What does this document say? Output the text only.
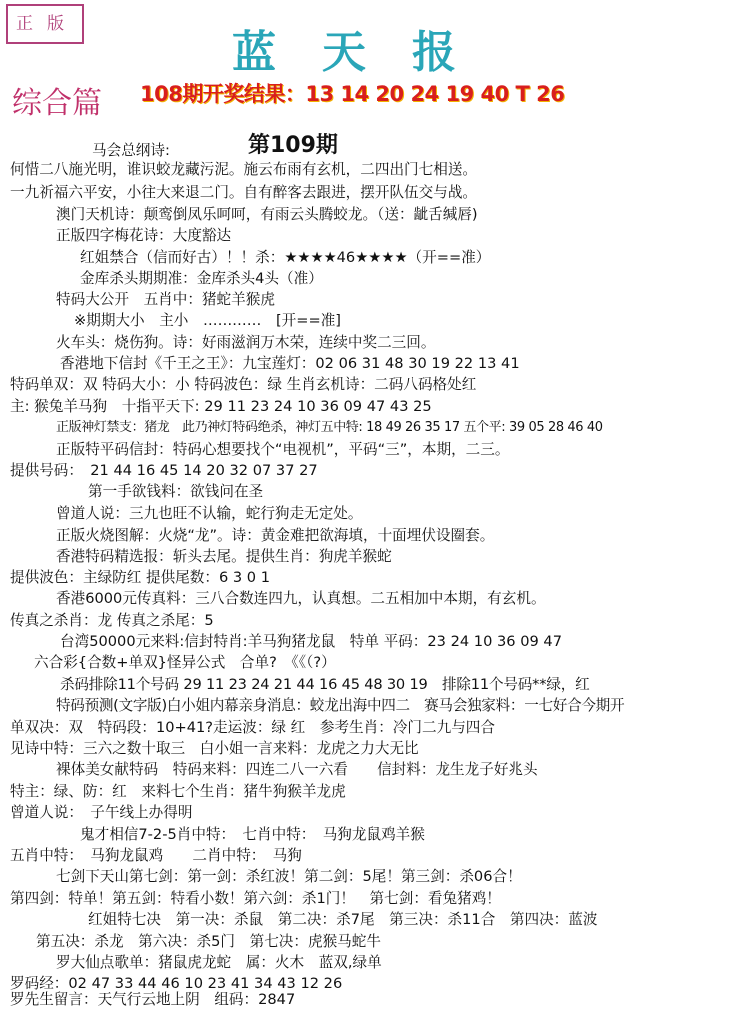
正版
蓝天报
综合篇 108期开奖结果：13 14 20 24 19 40 T 26
第109期
马会总纲诗:
何惜二八施光明，谁识蛟龙藏污泥。施云布雨有玄机，二四出门七相送。
一九祈福六平安，小往大来退二门。自有醉客去跟进，摆开队伍交与战。
澳门天机诗：颠鸾倒凤乐呵呵，有雨云头腾蛟龙。（送：龇舌缄唇)
正版四字梅花诗：大度豁达
红姐禁合（信而好古）！！杀：★★★★46★★★★（开==准）
金库杀头期期准：金库杀头4头（准）
特码大公开　五肖中：猪蛇羊猴虎
※期期大小　主小　…………　[开==准]
火车头：烧伤狗。诗：好雨滋润万木荣，连续中奖二三回。
香港地下信封《千王之王》：九宝莲灯：02 06 31 48 30 19 22 13 41
特码单双：双 特码大小：小 特码波色：绿 生肖玄机诗：二码八码格处红
主: 猴兔羊马狗　十指平天下: 29 11 23 24 10 36 09 47 43 25
正版神灯禁支：猪龙　此乃神灯特码绝杀，神灯五中特: 18 49 26 35 17 五个平: 39 05 28 46 40
正版特平码信封：特码心想要找个“电视机”，平码“三”，本期，二三。
提供号码：　21 44 16 45 14 20 32 07 37 27
第一手欲钱料：欲钱问在圣
曾道人说：三九也旺不认输，蛇行狗走无定处。
正版火烧图解：火烧“龙”。诗：黄金难把欲海填，十面埋伏设圈套。
香港特码精选报：斩头去尾。提供生肖：狗虎羊猴蛇
提供波色：主绿防红 提供尾数：6 3 0 1
香港6000元传真料：三八合数连四九，认真想。二五相加中本期，有玄机。
传真之杀肖：龙 传真之杀尾：5
台湾50000元来料:信封特肖:羊马狗猪龙鼠　特单 平码：23 24 10 36 09 47
六合彩{合数+单双}怪异公式　合单?　《《（?）
杀码排除11个号码 29 11 23 24 21 44 16 45 48 30 19　排除11个号码**绿，红
特码预测(文字版)白小姐内幕亲身消息：蛟龙出海中四二　赛马会独家料：一七好合今期开
单双决：双　特码段：10+41?走运波：绿 红　参考生肖：冷门二九与四合
见诗中特：三六之数十取三　白小姐一言来料：龙虎之力大无比
裸体美女献特码　特码来料：四连二八一六看　　信封料：龙生龙子好兆头
特主：绿、防：红　来料七个生肖：猪牛狗猴羊龙虎
曾道人说：　子午线上办得明
鬼才相信7-2-5肖中特：　七肖中特：　马狗龙鼠鸡羊猴
五肖中特：　马狗龙鼠鸡　　二肖中特：　马狗
七剑下天山第七剑：第一剑：杀红波！第二剑：5尾！第三剑：杀06合！
第四剑：特单！第五剑：特看小数！第六剑：杀1门！　第七剑：看兔猪鸡！
红姐特七决　第一决：杀鼠　第二决：杀7尾　第三决：杀11合　第四决：蓝波
第五决：杀龙　第六决：杀5门　第七决：虎猴马蛇牛
罗大仙点歌单：猪鼠虎龙蛇　属：火木　蓝双,绿单
罗码经：02 47 33 44 46 10 23 41 34 43 12 26
罗先生留言：天气行云地上阴　组码：2847
